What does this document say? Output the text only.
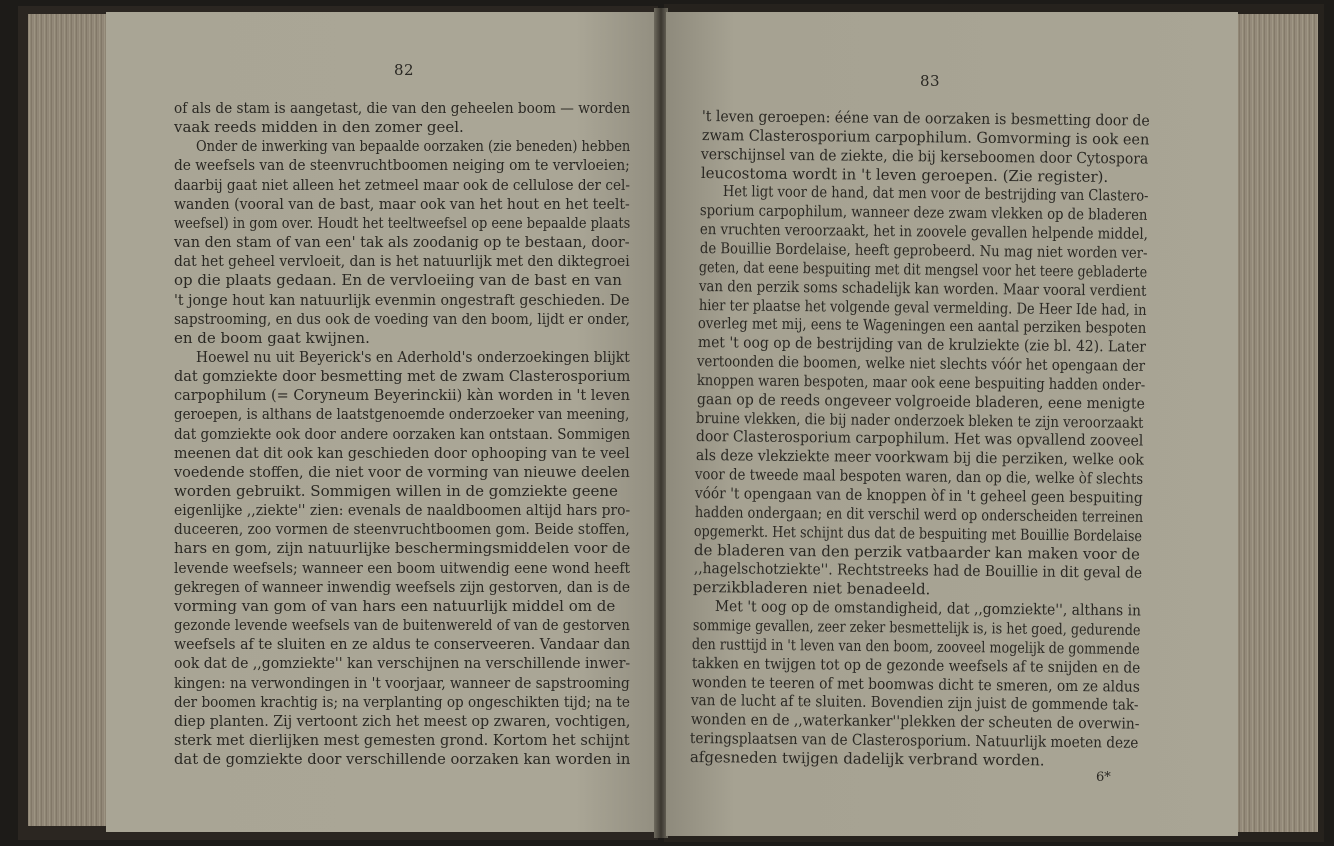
82
of als de stam is aangetast, die van den geheelen boom — worden
vaak reeds midden in den zomer geel.
Onder de inwerking van bepaalde oorzaken (zie beneden) hebben
de weefsels van de steenvruchtboomen neiging om te vervloeien;
daarbij gaat niet alleen het zetmeel maar ook de cellulose der cel-
wanden (vooral van de bast, maar ook van het hout en het teelt-
weefsel) in gom over. Houdt het teeltweefsel op eene bepaalde plaats
van den stam of van een' tak als zoodanig op te bestaan, door-
dat het geheel vervloeit, dan is het natuurlijk met den diktegroei
op die plaats gedaan. En de vervloeiing van de bast en van
't jonge hout kan natuurlijk evenmin ongestraft geschieden. De
sapstrooming, en dus ook de voeding van den boom, lijdt er onder,
en de boom gaat kwijnen.
Hoewel nu uit Beyerick's en Aderhold's onderzoekingen blijkt
dat gomziekte door besmetting met de zwam Clasterosporium
carpophilum (= Coryneum Beyerinckii) kàn worden in 't leven
geroepen, is althans de laatstgenoemde onderzoeker van meening,
dat gomziekte ook door andere oorzaken kan ontstaan. Sommigen
meenen dat dit ook kan geschieden door ophooping van te veel
voedende stoffen, die niet voor de vorming van nieuwe deelen
worden gebruikt. Sommigen willen in de gomziekte geene
eigenlijke ,,ziekte'' zien: evenals de naaldboomen altijd hars pro-
duceeren, zoo vormen de steenvruchtboomen gom. Beide stoffen,
hars en gom, zijn natuurlijke beschermingsmiddelen voor de
levende weefsels; wanneer een boom uitwendig eene wond heeft
gekregen of wanneer inwendig weefsels zijn gestorven, dan is de
vorming van gom of van hars een natuurlijk middel om de
gezonde levende weefsels van de buitenwereld of van de gestorven
weefsels af te sluiten en ze aldus te conserveeren. Vandaar dan
ook dat de ,,gomziekte'' kan verschijnen na verschillende inwer-
kingen: na verwondingen in 't voorjaar, wanneer de sapstrooming
der boomen krachtig is; na verplanting op ongeschikten tijd; na te
diep planten. Zij vertoont zich het meest op zwaren, vochtigen,
sterk met dierlijken mest gemesten grond. Kortom het schijnt
dat de gomziekte door verschillende oorzaken kan worden in
83
't leven geroepen: ééne van de oorzaken is besmetting door de
zwam Clasterosporium carpophilum. Gomvorming is ook een
verschijnsel van de ziekte, die bij kerseboomen door Cytospora
leucostoma wordt in 't leven geroepen. (Zie register).
Het ligt voor de hand, dat men voor de bestrijding van Clastero-
sporium carpophilum, wanneer deze zwam vlekken op de bladeren
en vruchten veroorzaakt, het in zoovele gevallen helpende middel,
de Bouillie Bordelaise, heeft geprobeerd. Nu mag niet worden ver-
geten, dat eene bespuiting met dit mengsel voor het teere gebladerte
van den perzik soms schadelijk kan worden. Maar vooral verdient
hier ter plaatse het volgende geval vermelding. De Heer Ide had, in
overleg met mij, eens te Wageningen een aantal perziken bespoten
met 't oog op de bestrijding van de krulziekte (zie bl. 42). Later
vertoonden die boomen, welke niet slechts vóór het opengaan der
knoppen waren bespoten, maar ook eene bespuiting hadden onder-
gaan op de reeds ongeveer volgroeide bladeren, eene menigte
bruine vlekken, die bij nader onderzoek bleken te zijn veroorzaakt
door Clasterosporium carpophilum. Het was opvallend zooveel
als deze vlekziekte meer voorkwam bij die perziken, welke ook
voor de tweede maal bespoten waren, dan op die, welke òf slechts
vóór 't opengaan van de knoppen òf in 't geheel geen bespuiting
hadden ondergaan; en dit verschil werd op onderscheiden terreinen
opgemerkt. Het schijnt dus dat de bespuiting met Bouillie Bordelaise
de bladeren van den perzik vatbaarder kan maken voor de
,,hagelschotziekte''. Rechtstreeks had de Bouillie in dit geval de
perzikbladeren niet benadeeld.
Met 't oog op de omstandigheid, dat ,,gomziekte'', althans in
sommige gevallen, zeer zeker besmettelijk is, is het goed, gedurende
den rusttijd in 't leven van den boom, zooveel mogelijk de gommende
takken en twijgen tot op de gezonde weefsels af te snijden en de
wonden te teeren of met boomwas dicht te smeren, om ze aldus
van de lucht af te sluiten. Bovendien zijn juist de gommende tak-
wonden en de ,,waterkanker''plekken der scheuten de overwin-
teringsplaatsen van de Clasterosporium. Natuurlijk moeten deze
afgesneden twijgen dadelijk verbrand worden.
6*
